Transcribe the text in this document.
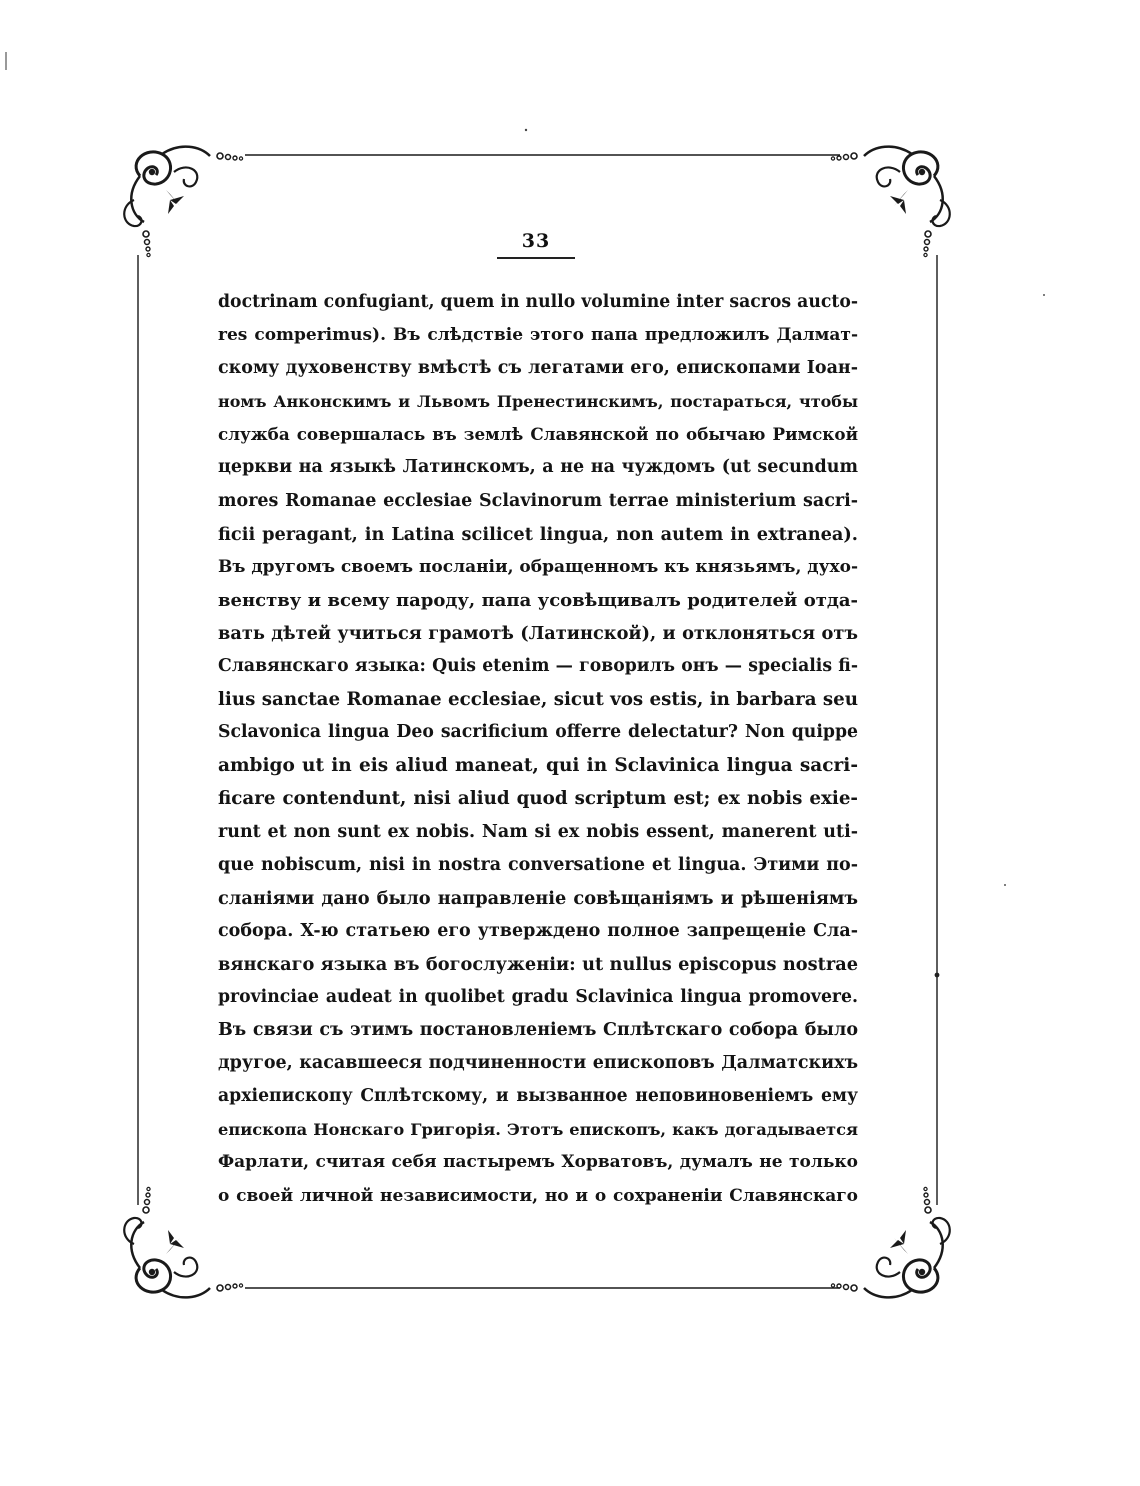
33
doctrinam confugiant, quem in nullo volumine inter sacros auctо-
res comperimus). Въ слѣдствіе этого папа предложилъ Далмат-
скому духовенству вмѣстѣ съ легатами его, епископами Іоан-
номъ Анконскимъ и Львомъ Пренестинскимъ, постараться, чтобы
служба совершалась въ землѣ Славянской по обычаю Римской
церкви на языкѣ Латинскомъ, а не на чуждомъ (ut secundum
mores Romanae ecclesiae Sclavinorum terrae ministerium sacri-
ficii peragant, in Latina scilicet lingua, non autem in extranea).
Въ другомъ своемъ посланіи, обращенномъ къ князьямъ, духо-
венству и всему пароду, папа усовѣщивалъ родителей отда-
вать дѣтей учиться грамотѣ (Латинской), и отклоняться отъ
Славянскаго языка: Quis etenim — говорилъ онъ — specialis fi-
lius sanctae Romanae ecclesiae, sicut vos estis, in barbara seu
Sclavonica lingua Deo sacrificium offerre delectatur? Non quippe
ambigo ut in eis aliud maneat, qui in Sclavinica lingua sacri-
ficare contendunt, nisi aliud quod scriptum est; ex nobis exie-
runt et non sunt ex nobis. Nam si ex nobis essent, manerent uti-
que nobiscum, nisi in nostra conversatione et lingua. Этими по-
сланіями дано было направленіе совѣщаніямъ и рѣшеніямъ
собора. X-ю статьею его утверждено полное запрещеніе Сла-
вянскаго языка въ богослуженіи: ut nullus episcopus nostrae
provinciae audeat in quolibet gradu Sclavinica lingua promovere.
Въ связи съ этимъ постановленіемъ Сплѣтскаго собора было
другое, касавшееся подчиненности епископовъ Далматскихъ
архіепископу Сплѣтскому, и вызванное неповиновеніемъ ему
епископа Нонскаго Григорія. Этотъ епископъ, какъ догадывается
Фарлати, считая себя пастыремъ Хорватовъ, думалъ не только
о своей личной независимости, но и о сохраненіи Славянскаго
